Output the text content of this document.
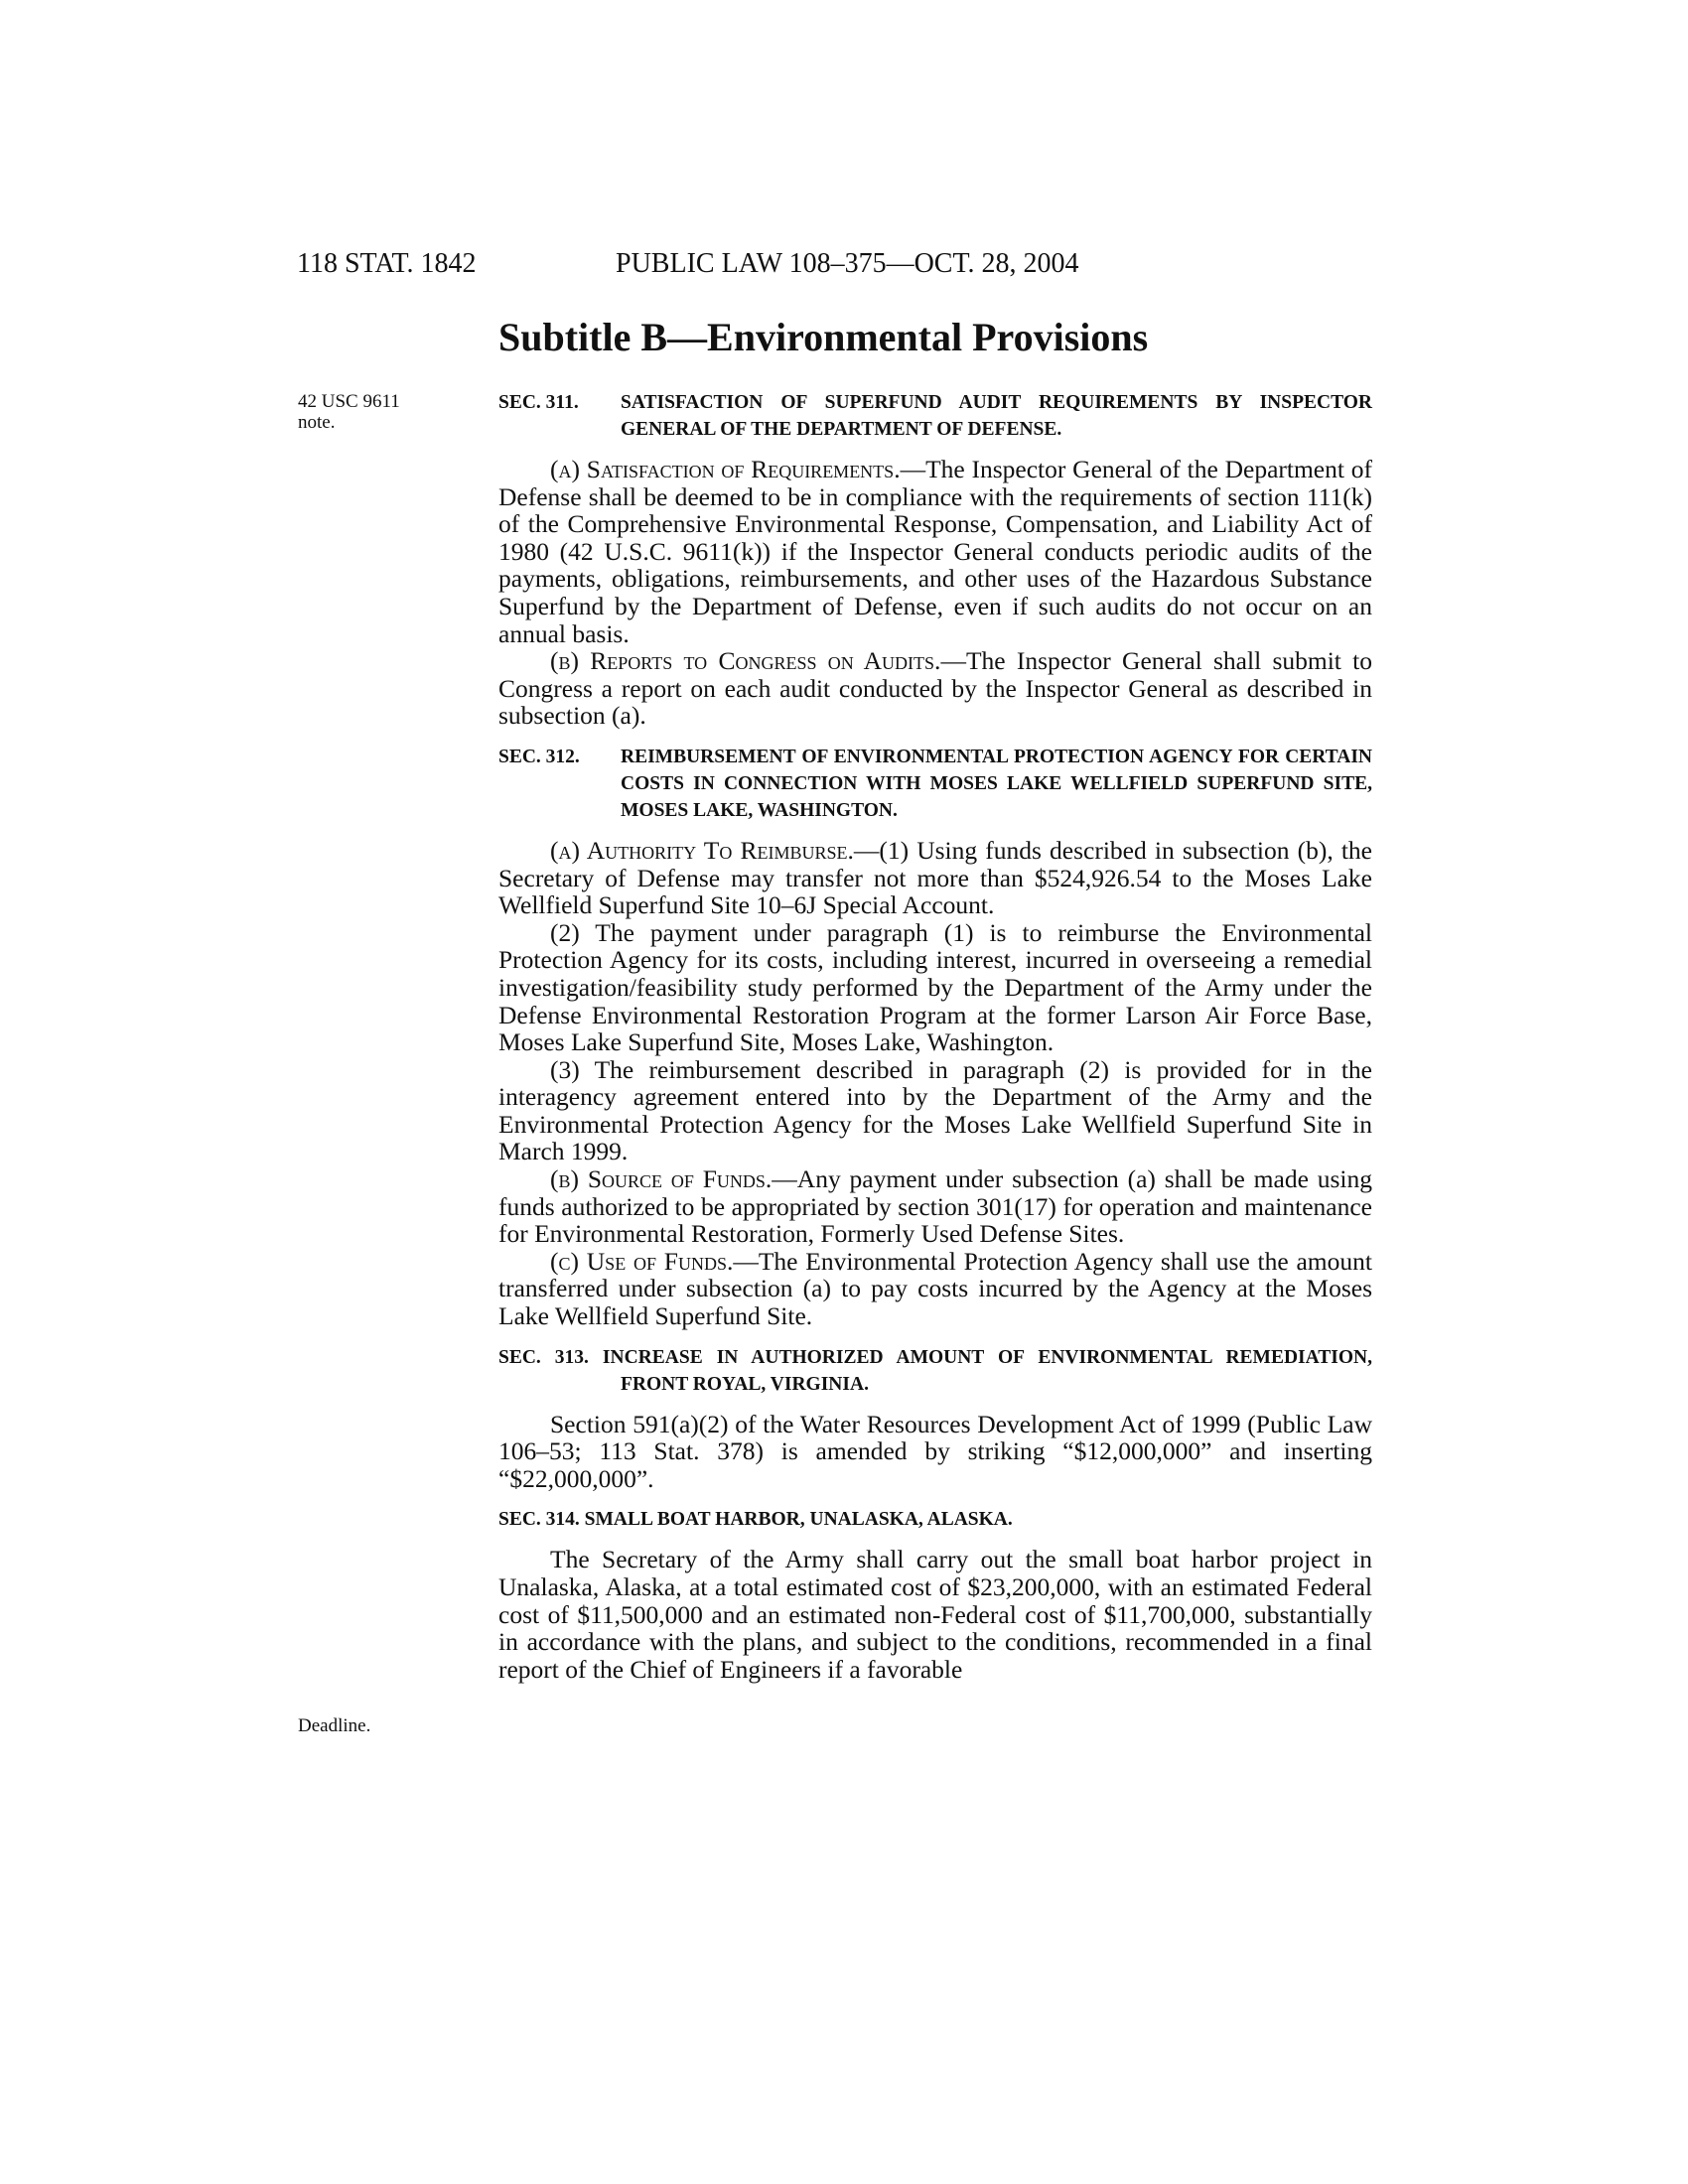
118 STAT. 1842	PUBLIC LAW 108–375—OCT. 28, 2004
Subtitle B—Environmental Provisions
42 USC 9611
note.
Deadline.
SEC. 311. SATISFACTION OF SUPERFUND AUDIT REQUIREMENTS BY INSPECTOR GENERAL OF THE DEPARTMENT OF DEFENSE.

(a) Satisfaction of Requirements.—The Inspector General of the Department of Defense shall be deemed to be in compliance with the requirements of section 111(k) of the Comprehensive Environmental Response, Compensation, and Liability Act of 1980 (42 U.S.C. 9611(k)) if the Inspector General conducts periodic audits of the payments, obligations, reimbursements, and other uses of the Hazardous Substance Superfund by the Department of Defense, even if such audits do not occur on an annual basis.

(b) Reports to Congress on Audits.—The Inspector General shall submit to Congress a report on each audit conducted by the Inspector General as described in subsection (a).

SEC. 312. REIMBURSEMENT OF ENVIRONMENTAL PROTECTION AGENCY FOR CERTAIN COSTS IN CONNECTION WITH MOSES LAKE WELLFIELD SUPERFUND SITE, MOSES LAKE, WASHINGTON.

(a) Authority To Reimburse.—(1) Using funds described in subsection (b), the Secretary of Defense may transfer not more than $524,926.54 to the Moses Lake Wellfield Superfund Site 10–6J Special Account.

(2) The payment under paragraph (1) is to reimburse the Environmental Protection Agency for its costs, including interest, incurred in overseeing a remedial investigation/feasibility study performed by the Department of the Army under the Defense Environmental Restoration Program at the former Larson Air Force Base, Moses Lake Superfund Site, Moses Lake, Washington.

(3) The reimbursement described in paragraph (2) is provided for in the interagency agreement entered into by the Department of the Army and the Environmental Protection Agency for the Moses Lake Wellfield Superfund Site in March 1999.

(b) Source of Funds.—Any payment under subsection (a) shall be made using funds authorized to be appropriated by section 301(17) for operation and maintenance for Environmental Restoration, Formerly Used Defense Sites.

(c) Use of Funds.—The Environmental Protection Agency shall use the amount transferred under subsection (a) to pay costs incurred by the Agency at the Moses Lake Wellfield Superfund Site.

SEC. 313. INCREASE IN AUTHORIZED AMOUNT OF ENVIRONMENTAL REMEDIATION, FRONT ROYAL, VIRGINIA.

Section 591(a)(2) of the Water Resources Development Act of 1999 (Public Law 106–53; 113 Stat. 378) is amended by striking “$12,000,000” and inserting “$22,000,000”.

SEC. 314. SMALL BOAT HARBOR, UNALASKA, ALASKA.

The Secretary of the Army shall carry out the small boat harbor project in Unalaska, Alaska, at a total estimated cost of $23,200,000, with an estimated Federal cost of $11,500,000 and an estimated non-Federal cost of $11,700,000, substantially in accordance with the plans, and subject to the conditions, recommended in a final report of the Chief of Engineers if a favorable
